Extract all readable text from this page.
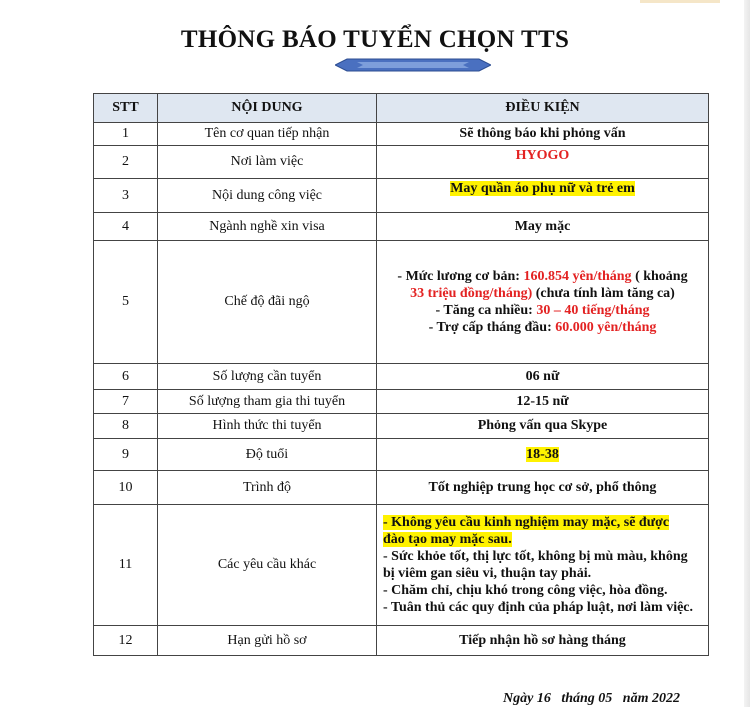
THÔNG BÁO TUYỂN CHỌN TTS
STT	NỘI DUNG	ĐIỀU KIỆN
1	Tên cơ quan tiếp nhận	Sẽ thông báo khi phỏng vấn
2	Nơi làm việc	HYOGO
3	Nội dung công việc	May quần áo phụ nữ và trẻ em
4	Ngành nghề xin visa	May mặc
5	Chế độ đãi ngộ	- Mức lương cơ bản: 160.854 yên/tháng ( khoảng
33 triệu đồng/tháng) (chưa tính làm tăng ca)
- Tăng ca nhiều: 30 – 40 tiếng/tháng
- Trợ cấp tháng đầu: 60.000 yên/tháng

6	Số lượng cần tuyển	06 nữ
7	Số lượng tham gia thi tuyển	12-15 nữ
8	Hình thức thi tuyển	Phỏng vấn qua Skype
9	Độ tuổi	18-38
10	Trình độ	Tốt nghiệp trung học cơ sở, phổ thông
11	Các yêu cầu khác	- Không yêu cầu kinh nghiệm may mặc, sẽ được
đào tạo may mặc sau.
- Sức khỏe tốt, thị lực tốt, không bị mù màu, không bị viêm gan siêu vi, thuận tay phải.
- Chăm chỉ, chịu khó trong công việc, hòa đồng.
- Tuân thủ các quy định của pháp luật, nơi làm việc.

12	Hạn gửi hồ sơ	Tiếp nhận hồ sơ hàng tháng
Ngày 16   tháng 05   năm 2022
